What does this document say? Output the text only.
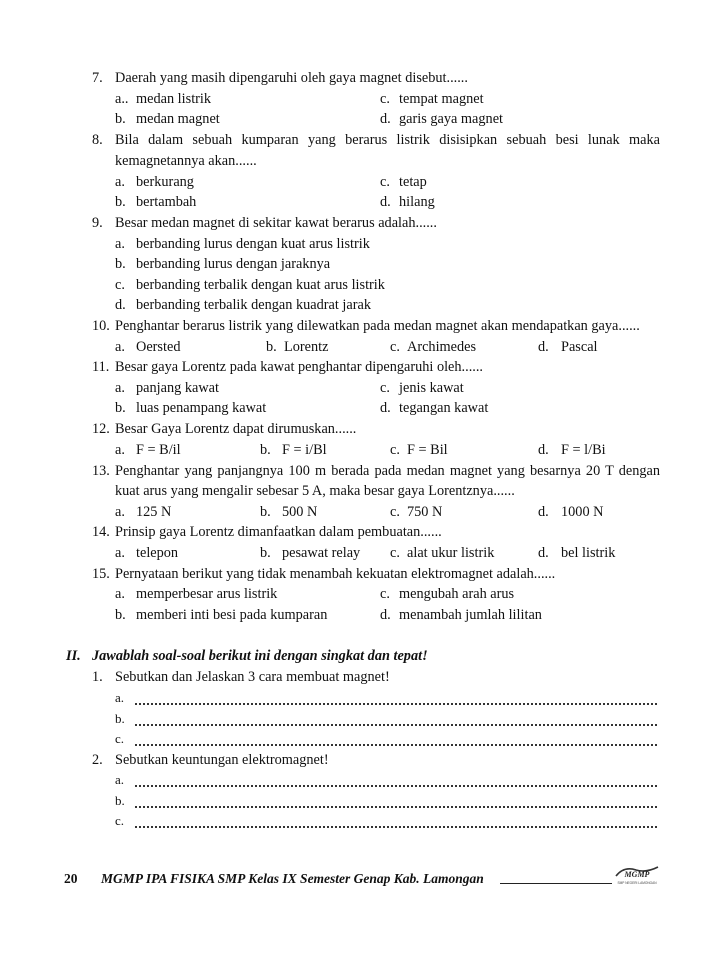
7. Daerah yang masih dipengaruhi oleh gaya magnet disebut......
a.. medan listrik	c. tempat magnet
b. medan magnet	d. garis gaya magnet
8. Bila dalam sebuah kumparan yang berarus listrik disisipkan sebuah besi lunak maka
kemagnetannya akan......
a. berkurang	c. tetap
b. bertambah	d. hilang
9. Besar medan magnet di sekitar kawat berarus adalah......
a. berbanding lurus dengan kuat arus listrik
b. berbanding lurus dengan jaraknya
c. berbanding terbalik dengan kuat arus listrik
d. berbanding terbalik dengan kuadrat jarak
10. Penghantar berarus listrik yang dilewatkan pada medan magnet akan mendapatkan gaya......
a. Oersted	b. Lorentz	c. Archimedes	d. Pascal
11. Besar gaya Lorentz pada kawat penghantar dipengaruhi oleh......
a. panjang kawat	c. jenis kawat
b. luas penampang kawat	d. tegangan kawat
12. Besar Gaya Lorentz dapat dirumuskan......
a. F = B/il	b. F = i/Bl	c. F = Bil	d. F = l/Bi
13. Penghantar yang panjangnya 100 m berada pada medan magnet yang besarnya 20 T dengan
kuat arus yang mengalir sebesar 5 A, maka besar gaya Lorentznya......
a. 125 N	b. 500 N	c. 750 N	d. 1000 N
14. Prinsip gaya Lorentz dimanfaatkan dalam pembuatan......
a. telepon	b. pesawat relay c. alat ukur listrik	d. bel listrik
15. Pernyataan berikut yang tidak menambah kekuatan elektromagnet adalah......
a. memperbesar arus listrik	c. mengubah arah arus
b. memberi inti besi pada kumparan	d. menambah jumlah lilitan
II. Jawablah soal-soal berikut ini dengan singkat dan tepat!
1. Sebutkan dan Jelaskan 3 cara membuat magnet!
a.
b.
c.
2. Sebutkan keuntungan elektromagnet!
a.
b.
c.
20 MGMP IPA FISIKA SMP Kelas IX Semester Genap Kab. Lamongan	MGMP
SMP NEGERI LAMONGAN
